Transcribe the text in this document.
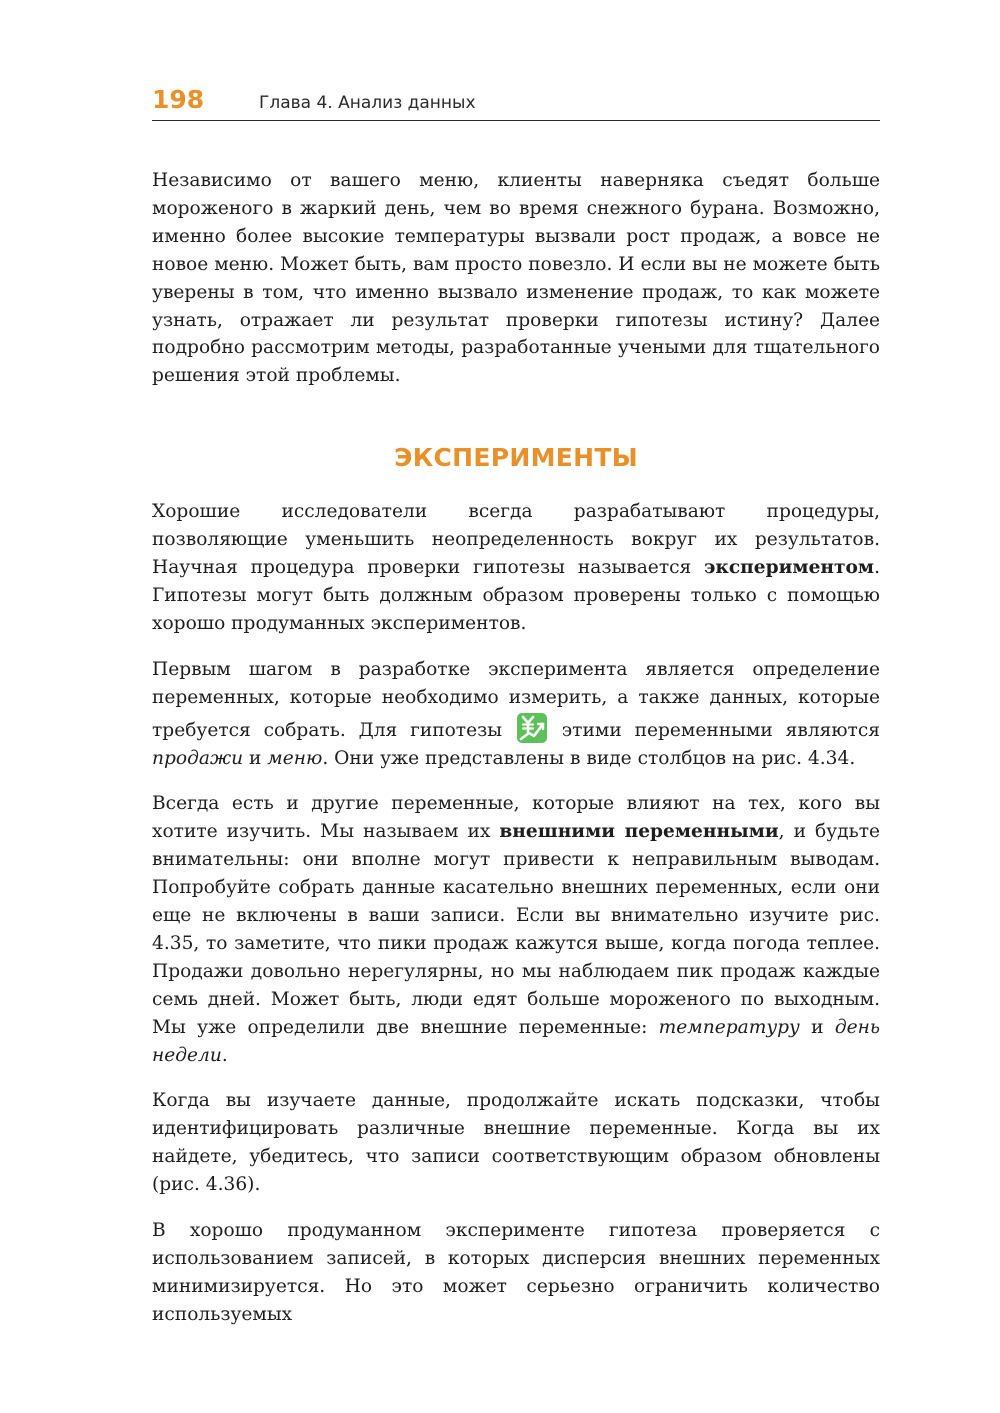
198	Глава 4. Анализ данных

Независимо от вашего меню, клиенты наверняка съедят больше мороженого в жаркий день, чем во время снежного бурана. Возможно, именно более высокие температуры вызвали рост продаж, а вовсе не новое меню. Может быть, вам просто повезло. И если вы не можете быть уверены в том, что именно вызвало изменение продаж, то как можете узнать, отражает ли результат проверки гипотезы истину? Далее подробно рассмотрим методы, разработанные учеными для тщательного решения этой проблемы.

ЭКСПЕРИМЕНТЫ

Хорошие исследователи всегда разрабатывают процедуры, позволяющие уменьшить неопределенность вокруг их результатов. Научная процедура проверки гипотезы называется экспериментом. Гипотезы могут быть должным образом проверены только с помощью хорошо продуманных экспериментов.

Первым шагом в разработке эксперимента является определение переменных, которые необходимо измерить, а также данных, которые требуется собрать. Для гипотезы	этими переменными являются продажи и меню. Они уже представлены в виде столбцов на рис. 4.34.

Всегда есть и другие переменные, которые влияют на тех, кого вы хотите изучить. Мы называем их внешними переменными, и будьте внимательны: они вполне могут привести к неправильным выводам. Попробуйте собрать данные касательно внешних переменных, если они еще не включены в ваши записи. Если вы внимательно изучите рис. 4.35, то заметите, что пики продаж кажутся выше, когда погода теплее. Продажи довольно нерегулярны, но мы наблюдаем пик продаж каждые семь дней. Может быть, люди едят больше мороженого по выходным. Мы уже определили две внешние переменные: температуру и день недели.

Когда вы изучаете данные, продолжайте искать подсказки, чтобы идентифицировать различные внешние переменные. Когда вы их найдете, убедитесь, что записи соответствующим образом обновлены (рис. 4.36).

В хорошо продуманном эксперименте гипотеза проверяется с использованием записей, в которых дисперсия внешних переменных минимизируется. Но это может серьезно ограничить количество используемых
